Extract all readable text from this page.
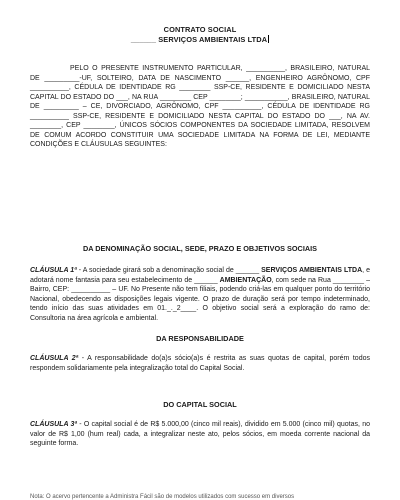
CONTRATO SOCIAL
______ SERVIÇOS AMBIENTAIS LTDA
PELO O PRESENTE INSTRUMENTO PARTICULAR, __________, BRASILEIRO, NATURAL DE _________-UF, SOLTEIRO, DATA DE NASCIMENTO ______, ENGENHEIRO AGRÔNOMO, CPF __________, CÉDULA DE IDENTIDADE RG ________ SSP-CE, RESIDENTE E DOMICILIADO NESTA CAPITAL DO ESTADO DO ___, NA RUA ________ CEP ________; ___________, BRASILEIRO, NATURAL DE _________ – CE, DIVORCIADO, AGRÔNOMO, CPF __________, CÉDULA DE IDENTIDADE RG __________ SSP-CE, RESIDENTE E DOMICILIADO NESTA CAPITAL DO ESTADO DO ___, NA AV. ________, CEP ________, ÚNICOS SÓCIOS COMPONENTES DA SOCIEDADE LIMITADA, RESOLVEM DE COMUM ACORDO CONSTITUIR UMA SOCIEDADE LIMITADA NA FORMA DE LEI, MEDIANTE CONDIÇÕES E CLÁUSULAS SEGUINTES:
DA DENOMINAÇÃO SOCIAL, SEDE, PRAZO E OBJETIVOS SOCIAIS
CLÁUSULA 1ª - A sociedade girará sob a denominação social de ______ SERVIÇOS AMBIENTAIS LTDA, e adotará nome fantasia para seu estabelecimento de ______ AMBIENTAÇÃO, com sede na Rua ________ – Bairro, CEP: __________ – UF. No Presente não tem filiais, podendo criá-las em qualquer ponto do território Nacional, obedecendo as disposições legais vigente. O prazo de duração será por tempo indeterminado, tendo início das suas atividades em 01._._2____. O objetivo social será a exploração do ramo de: Consultoria na área agrícola e ambiental.
DA RESPONSABILIDADE
CLÁUSULA 2ª - A responsabilidade do(a)s sócio(a)s é restrita as suas quotas de capital, porém todos respondem solidariamente pela integralização total do Capital Social.
DO CAPITAL SOCIAL
CLÁUSULA 3ª - O capital social é de R$ 5.000,00 (cinco mil reais), dividido em 5.000 (cinco mil) quotas, no valor de R$ 1,00 (hum real) cada, a integralizar neste ato, pelos sócios, em moeda corrente nacional da seguinte forma.
Nota: O acervo pertencente a Administra Fácil são de modelos utilizados com sucesso em diversos
